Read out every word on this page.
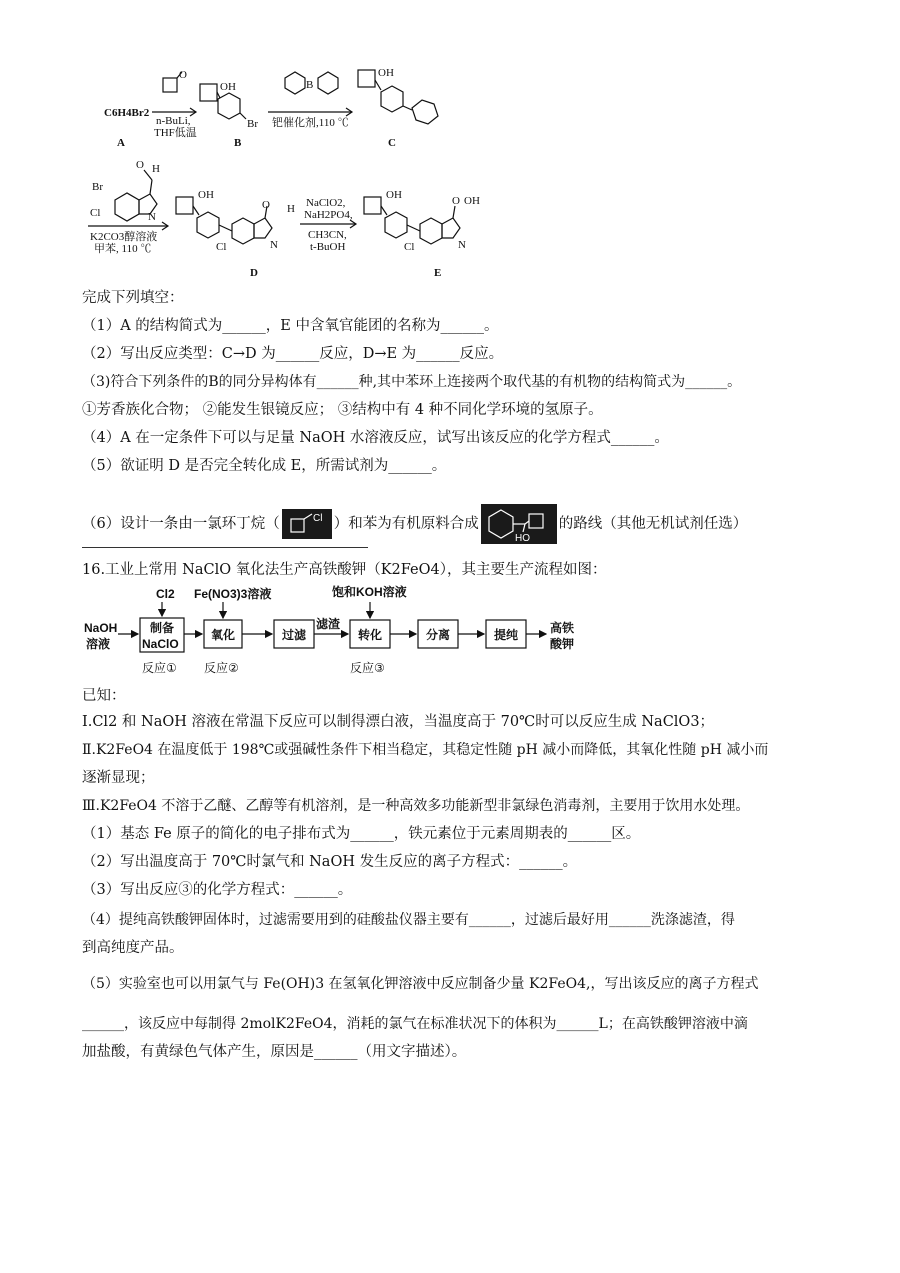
C6H4Br2
n-BuLi,
THF低温
A
O
OH
Br
B
钯催化剂,110 ℃
B
OH
C
H
O
Br
Cl	N
K2CO3醇溶液
甲苯, 110 ℃
OH
O H
Cl	N
D
NaClO2,
NaH2PO4,
CH3CN,
t-BuOH
OH	O OH
Cl	N
E
完成下列填空：
（1）A 的结构简式为______，E 中含氧官能团的名称为______。
（2）写出反应类型：C→D 为______反应，D→E 为______反应。
（3)符合下列条件的B的同分异构体有______种,其中苯环上连接两个取代基的有机物的结构简式为______。
①芳香族化合物； ②能发生银镜反应； ③结构中有 4 种不同化学环境的氢原子。
（4）A 在一定条件下可以与足量 NaOH 水溶液反应，试写出该反应的化学方程式______。
（5）欲证明 D 是否完全转化成 E，所需试剂为______。
（6）设计一条由一氯环丁烷（	Cl ）和苯为有机原料合成
HO
的路线（其他无机试剂任选）
16.工业上常用 NaClO 氧化法生产高铁酸钾（K2FeO4），其主要生产流程如图：
NaOH
溶液
制备
NaClO
氧化	过滤
滤渣
转化	分离	提纯	高铁
酸钾
Cl2 Fe(NO3)3溶液	饱和KOH溶液
反应① 反应②	反应③
已知：
Ⅰ.Cl2 和 NaOH 溶液在常温下反应可以制得漂白液，当温度高于 70℃时可以反应生成 NaClO3；
Ⅱ.K2FeO4 在温度低于 198℃或强碱性条件下相当稳定，其稳定性随 pH 减小而降低，其氧化性随 pH 减小而
逐渐显现；
Ⅲ.K2FeO4 不溶于乙醚、乙醇等有机溶剂，是一种高效多功能新型非氯绿色消毒剂，主要用于饮用水处理。
（1）基态 Fe 原子的简化的电子排布式为______，铁元素位于元素周期表的______区。
（2）写出温度高于 70℃时氯气和 NaOH 发生反应的离子方程式：______。
（3）写出反应③的化学方程式：______。
（4）提纯高铁酸钾固体时，过滤需要用到的硅酸盐仪器主要有______，过滤后最好用______洗涤滤渣，得
到高纯度产品。
（5）实验室也可以用氯气与 Fe(OH)3 在氢氧化钾溶液中反应制备少量 K2FeO4,，写出该反应的离子方程式
______，该反应中每制得 2molK2FeO4，消耗的氯气在标准状况下的体积为______L；在高铁酸钾溶液中滴
加盐酸，有黄绿色气体产生，原因是______（用文字描述）。
